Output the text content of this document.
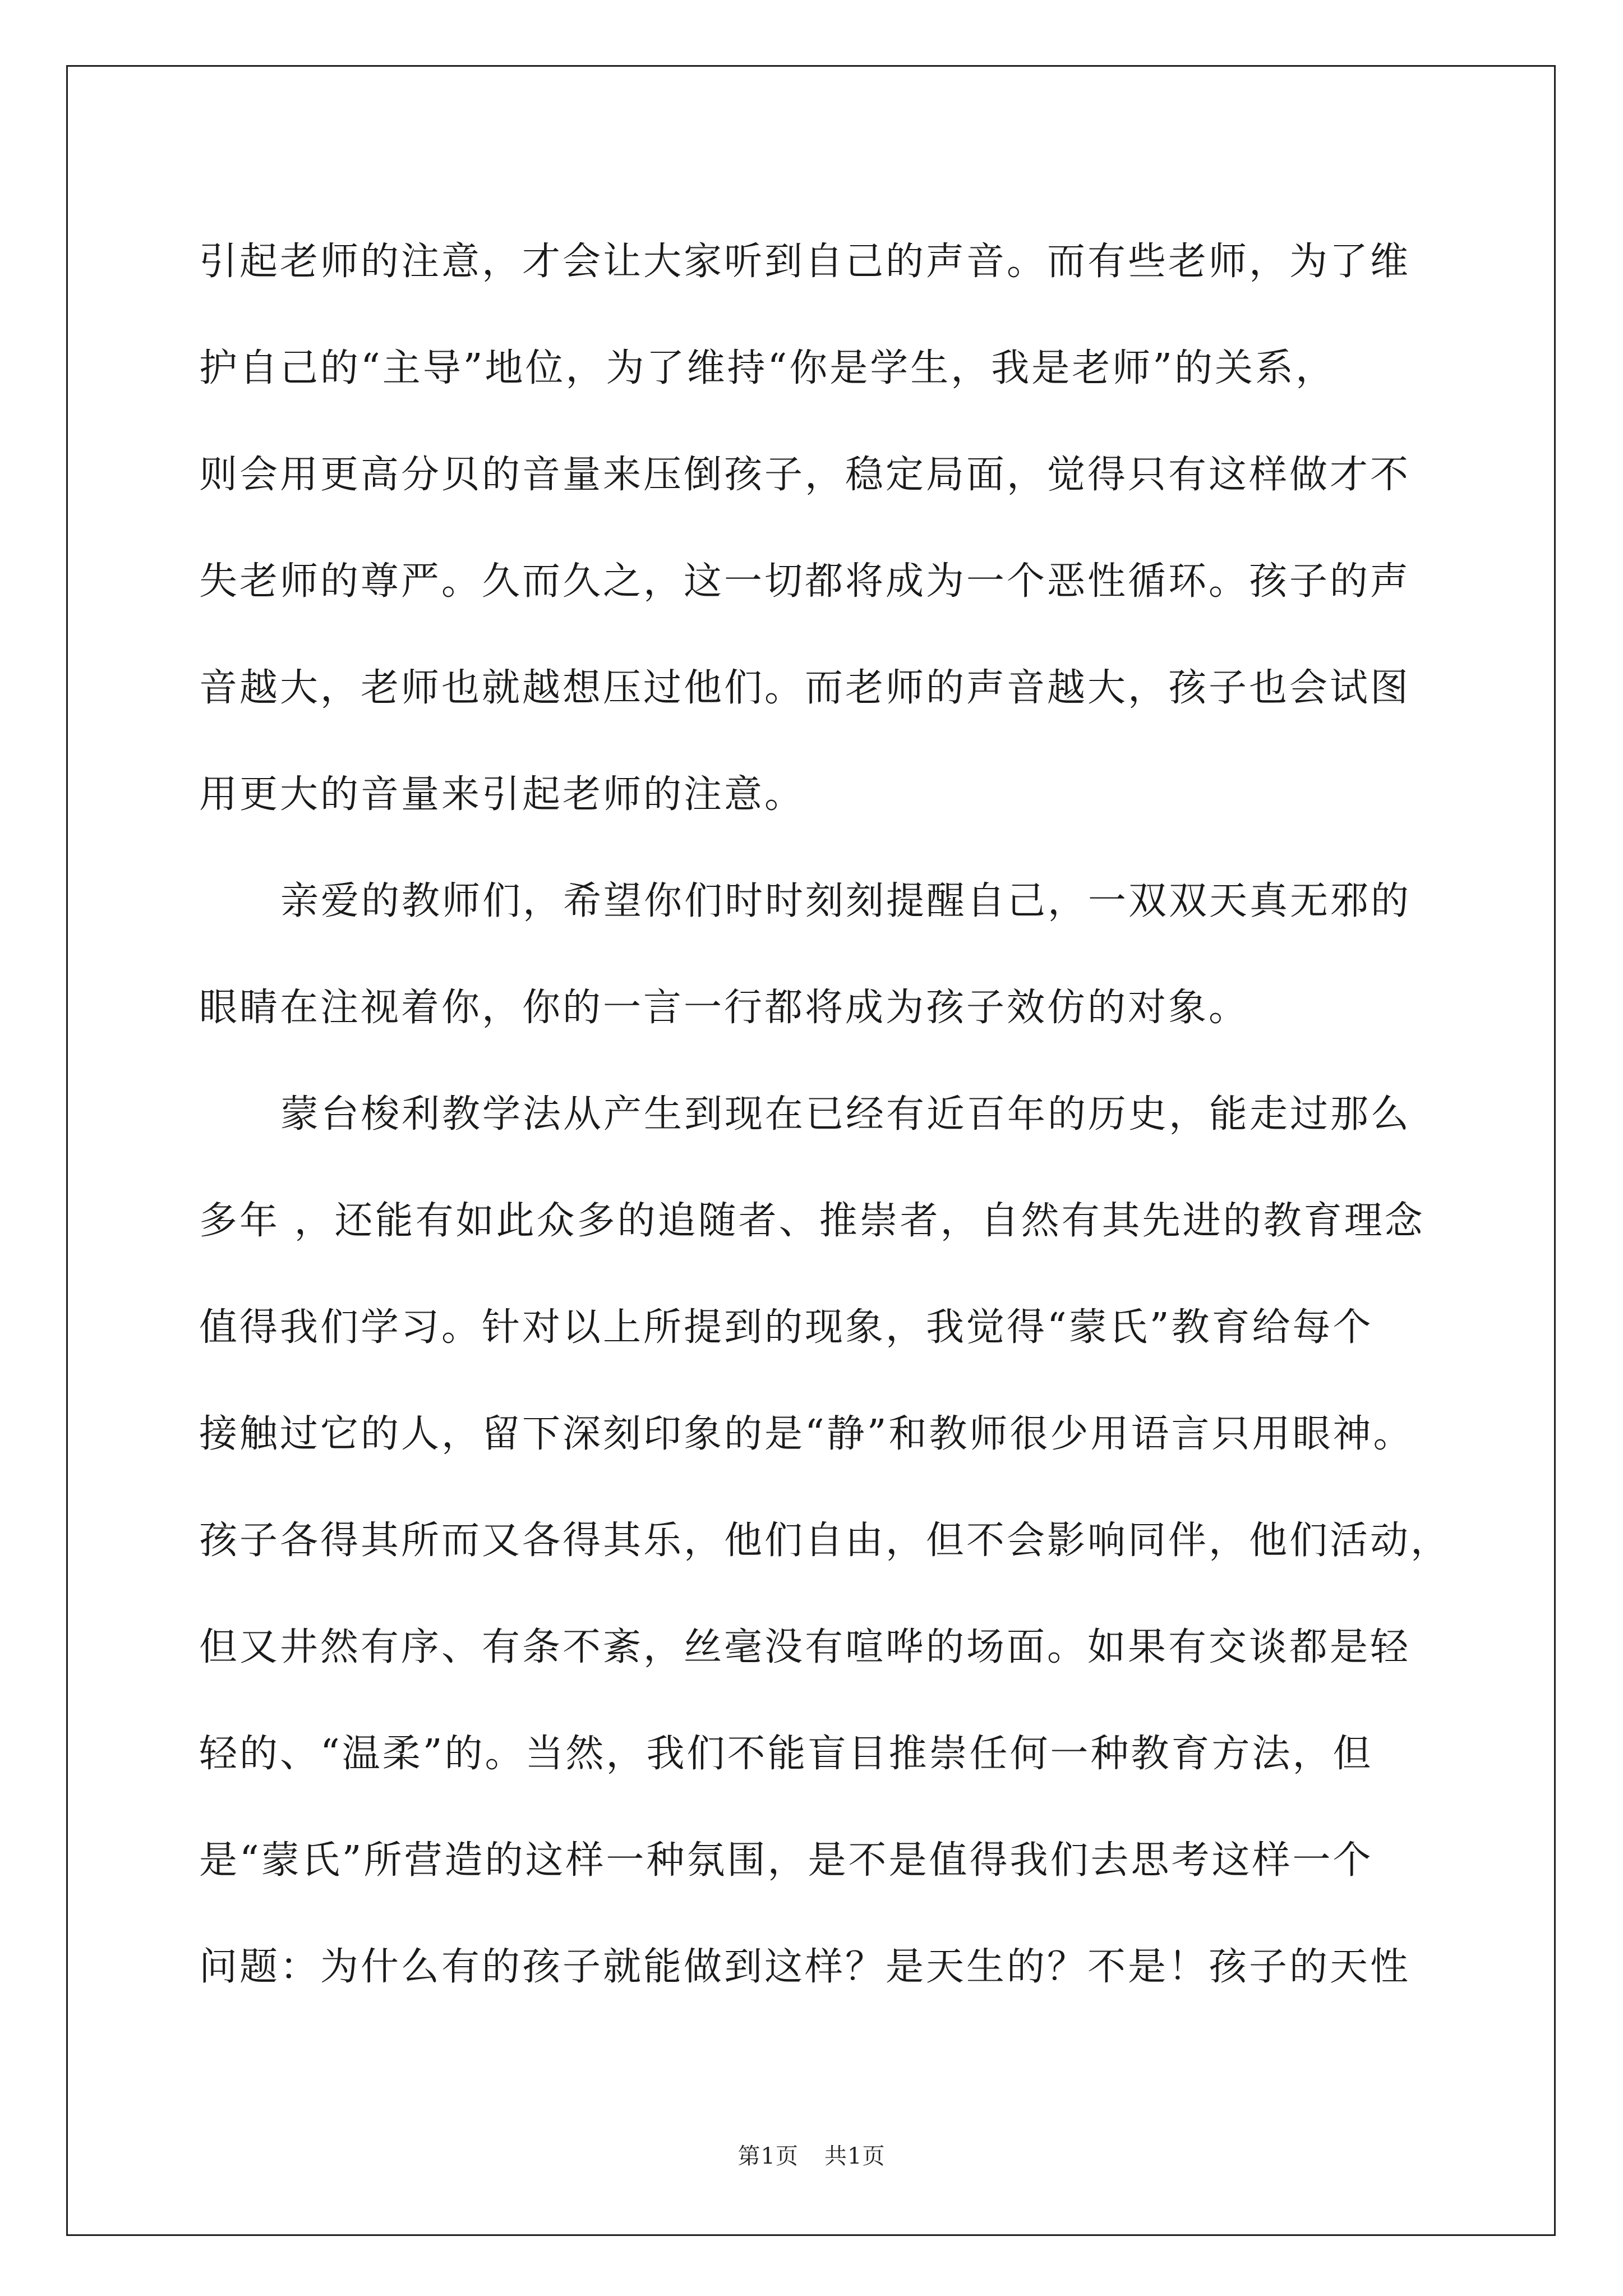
引起老师的注意，才会让大家听到自己的声音。而有些老师，为了维
护自己的“主导”地位，为了维持“你是学生，我是老师”的关系，
则会用更高分贝的音量来压倒孩子，稳定局面，觉得只有这样做才不
失老师的尊严。久而久之，这一切都将成为一个恶性循环。孩子的声
音越大，老师也就越想压过他们。而老师的声音越大，孩子也会试图
用更大的音量来引起老师的注意。
亲爱的教师们，希望你们时时刻刻提醒自己，一双双天真无邪的
眼睛在注视着你，你的一言一行都将成为孩子效仿的对象。
蒙台梭利教学法从产生到现在已经有近百年的历史，能走过那么
多年 ，还能有如此众多的追随者、推崇者，自然有其先进的教育理念
值得我们学习。针对以上所提到的现象，我觉得“蒙氏”教育给每个
接触过它的人，留下深刻印象的是“静”和教师很少用语言只用眼神。
孩子各得其所而又各得其乐，他们自由，但不会影响同伴，他们活动，
但又井然有序、有条不紊，丝毫没有喧哗的场面。如果有交谈都是轻
轻的、“温柔”的。当然，我们不能盲目推崇任何一种教育方法，但
是“蒙氏”所营造的这样一种氛围，是不是值得我们去思考这样一个
问题：为什么有的孩子就能做到这样？是天生的？不是！孩子的天性
第1页 共1页
